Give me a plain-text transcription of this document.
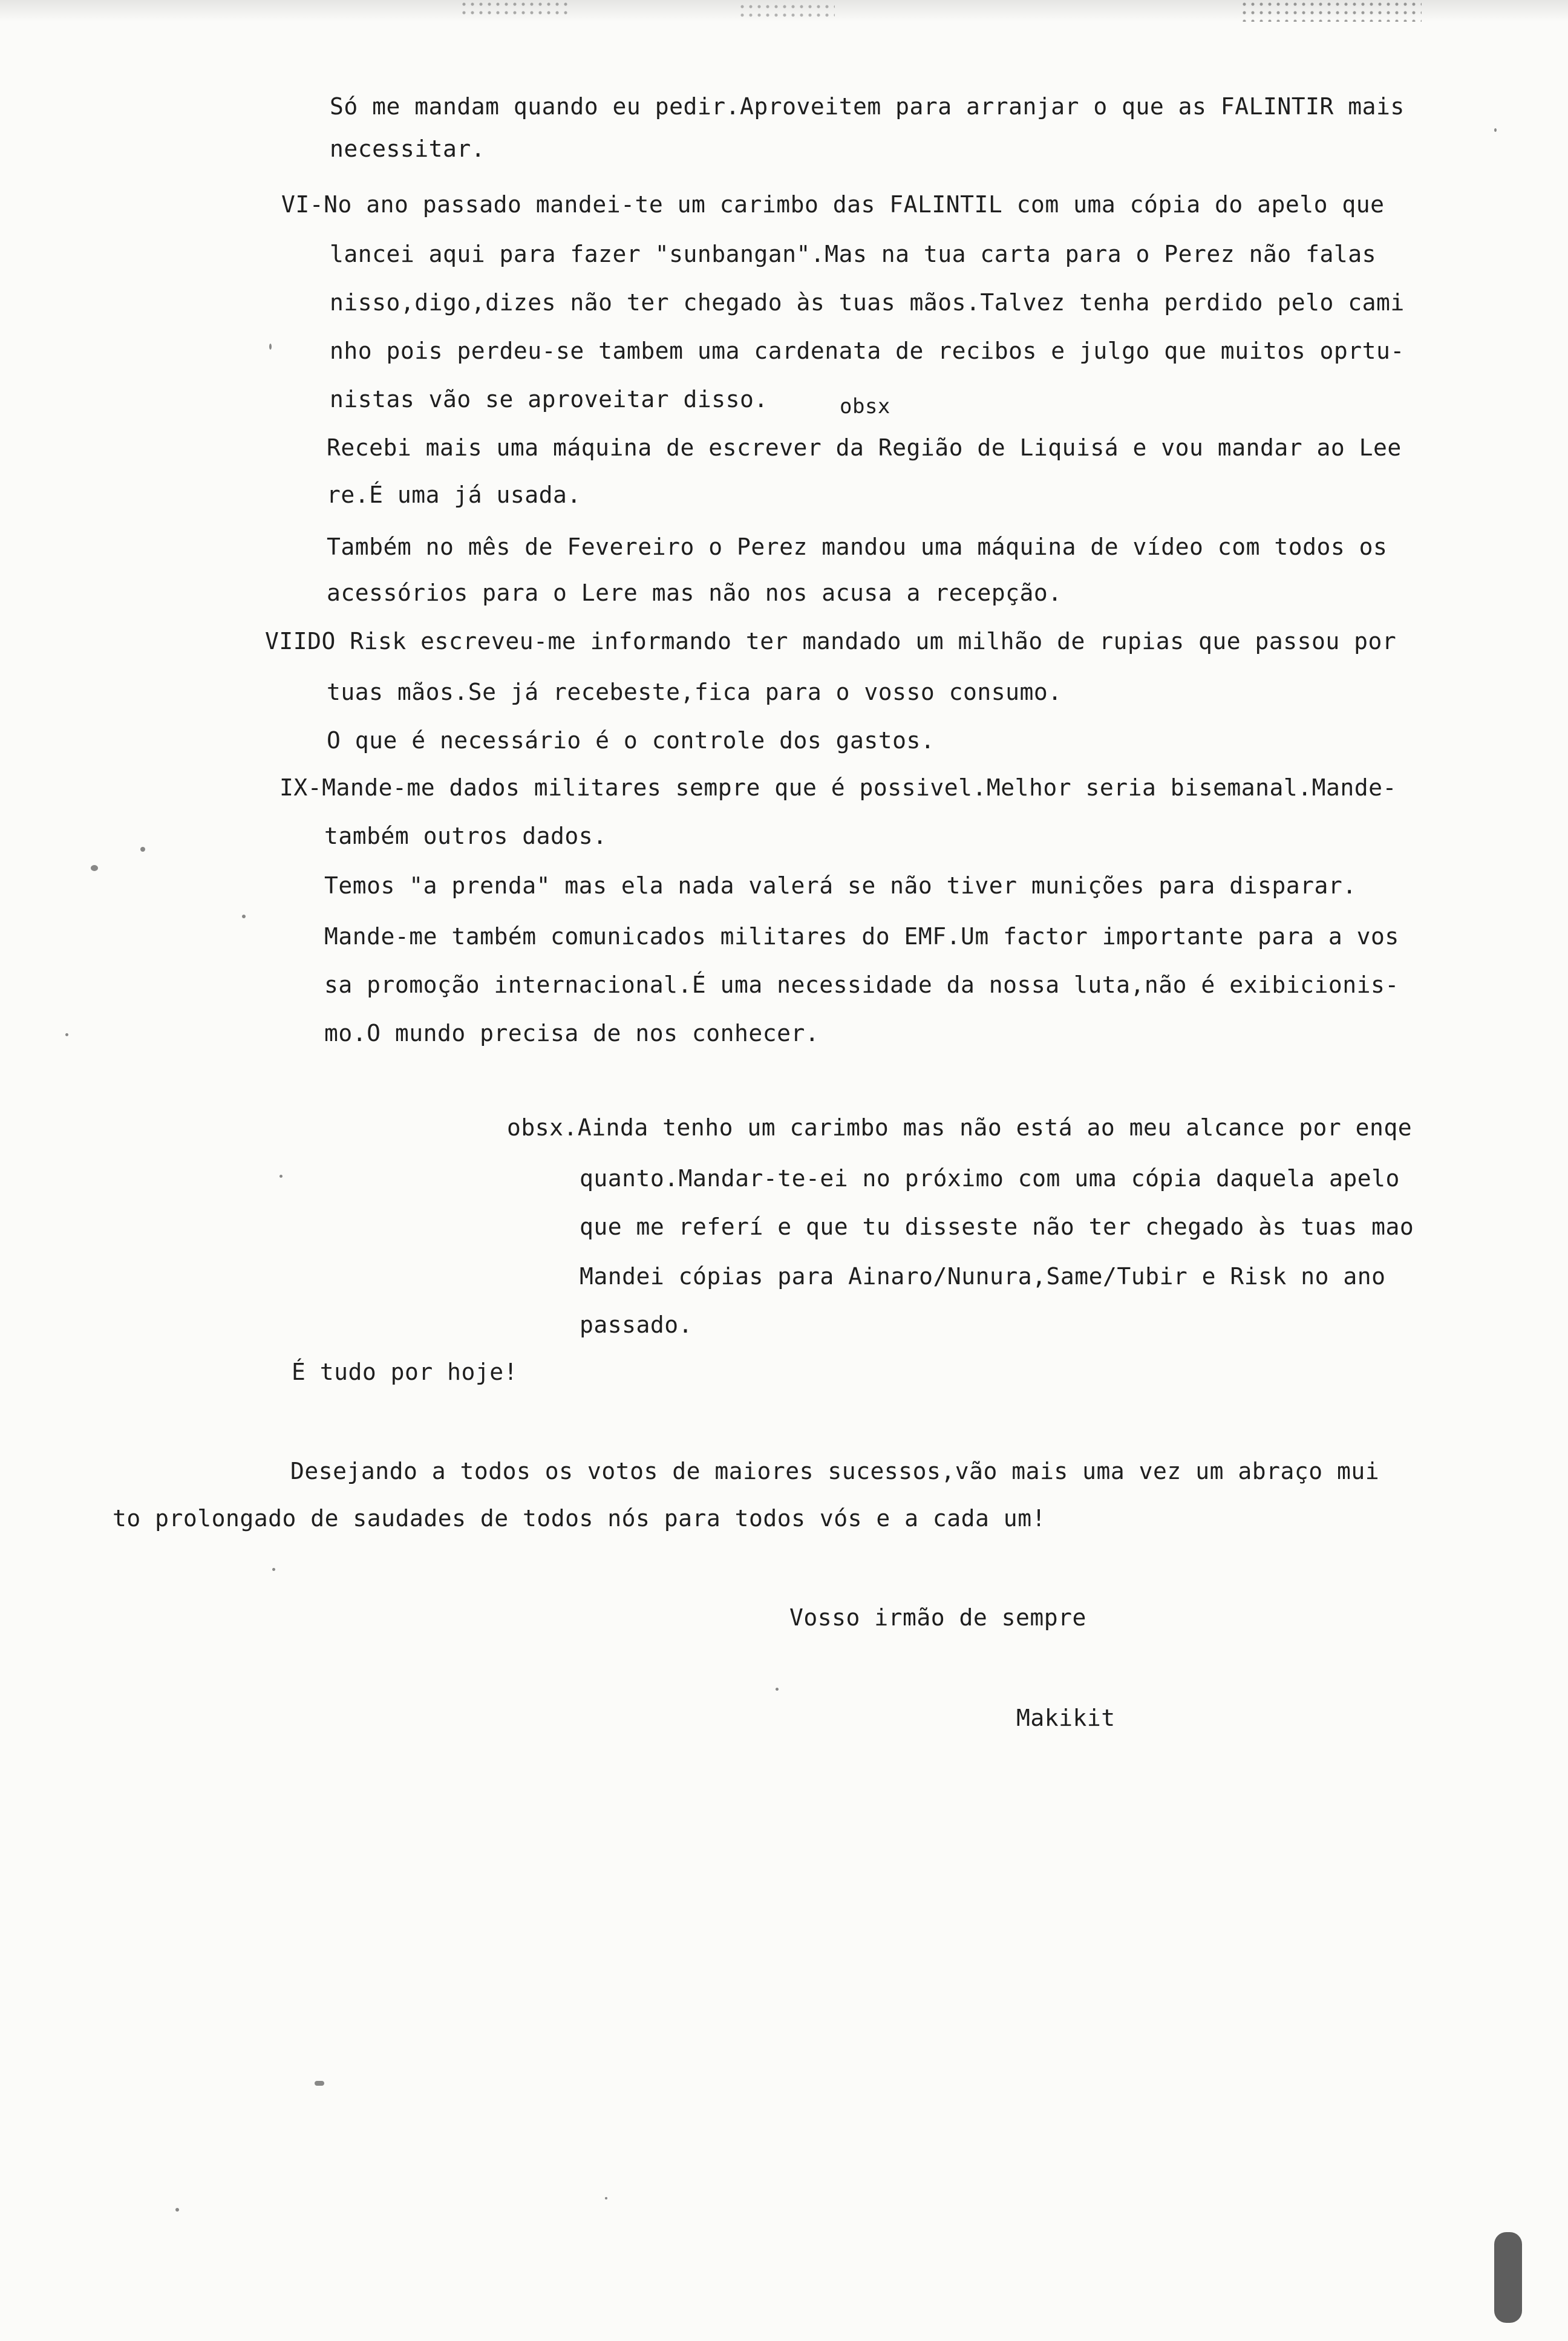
Só me mandam quando eu pedir.Aproveitem para arranjar o que as FALINTIR mais
necessitar.
VI-No ano passado mandei-te um carimbo das FALINTIL com uma cópia do apelo que
lancei aqui para fazer "sunbangan".Mas na tua carta para o Perez não falas
nisso,digo,dizes não ter chegado às tuas mãos.Talvez tenha perdido pelo cami
nho pois perdeu-se tambem uma cardenata de recibos e julgo que muitos oprtu-
nistas vão se aproveitar disso.	obsx
Recebi mais uma máquina de escrever da Região de Liquisá e vou mandar ao Lee
re.É uma já usada.
Também no mês de Fevereiro o Perez mandou uma máquina de vídeo com todos os
acessórios para o Lere mas não nos acusa a recepção.
VIIDO Risk escreveu-me informando ter mandado um milhão de rupias que passou por
tuas mãos.Se já recebeste,fica para o vosso consumo.
O que é necessário é o controle dos gastos.
IX-Mande-me dados militares sempre que é possivel.Melhor seria bisemanal.Mande-
também outros dados.
Temos "a prenda" mas ela nada valerá se não tiver munições para disparar.
Mande-me também comunicados militares do EMF.Um factor importante para a vos
sa promoção internacional.É uma necessidade da nossa luta,não é exibicionis-
mo.O mundo precisa de nos conhecer.
obsx.Ainda tenho um carimbo mas não está ao meu alcance por enqe
quanto.Mandar-te-ei no próximo com uma cópia daquela apelo
que me referí e que tu disseste não ter chegado às tuas mao
Mandei cópias para Ainaro/Nunura,Same/Tubir e Risk no ano
passado.
É tudo por hoje!
Desejando a todos os votos de maiores sucessos,vão mais uma vez um abraço mui
to prolongado de saudades de todos nós para todos vós e a cada um!
Vosso irmão de sempre
Makikit
